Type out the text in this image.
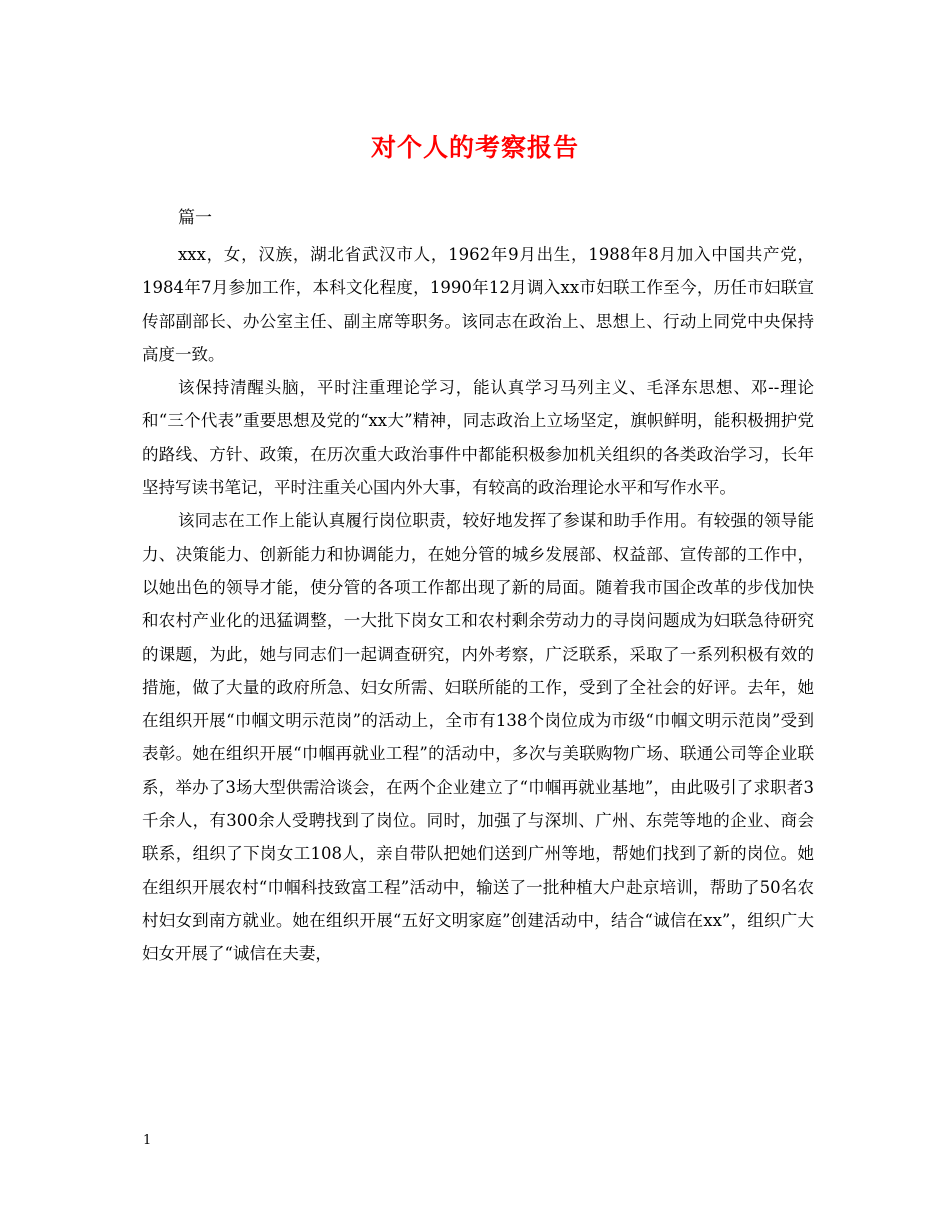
对个人的考察报告
篇一

xxx，女，汉族，湖北省武汉市人，1962年9月出生，1988年8月加入中国共产党，1984年7月参加工作，本科文化程度，1990年12月调入xx市妇联工作至今，历任市妇联宣传部副部长、办公室主任、副主席等职务。该同志在政治上、思想上、行动上同党中央保持高度一致。

该保持清醒头脑，平时注重理论学习，能认真学习马列主义、毛泽东思想、邓--理论和“三个代表”重要思想及党的“xx大”精神，同志政治上立场坚定，旗帜鲜明，能积极拥护党的路线、方针、政策，在历次重大政治事件中都能积极参加机关组织的各类政治学习，长年坚持写读书笔记，平时注重关心国内外大事，有较高的政治理论水平和写作水平。

该同志在工作上能认真履行岗位职责，较好地发挥了参谋和助手作用。有较强的领导能力、决策能力、创新能力和协调能力，在她分管的城乡发展部、权益部、宣传部的工作中，以她出色的领导才能，使分管的各项工作都出现了新的局面。随着我市国企改革的步伐加快和农村产业化的迅猛调整，一大批下岗女工和农村剩余劳动力的寻岗问题成为妇联急待研究的课题，为此，她与同志们一起调查研究，内外考察，广泛联系，采取了一系列积极有效的措施，做了大量的政府所急、妇女所需、妇联所能的工作，受到了全社会的好评。去年，她在组织开展“巾帼文明示范岗”的活动上，全市有138个岗位成为市级“巾帼文明示范岗”受到表彰。她在组织开展“巾帼再就业工程”的活动中，多次与美联购物广场、联通公司等企业联系，举办了3场大型供需洽谈会，在两个企业建立了“巾帼再就业基地”，由此吸引了求职者3千余人，有300余人受聘找到了岗位。同时，加强了与深圳、广州、东莞等地的企业、商会联系，组织了下岗女工108人，亲自带队把她们送到广州等地，帮她们找到了新的岗位。她在组织开展农村“巾帼科技致富工程”活动中，输送了一批种植大户赴京培训，帮助了50名农村妇女到南方就业。她在组织开展“五好文明家庭”创建活动中，结合“诚信在xx”，组织广大妇女开展了“诚信在夫妻，

1
